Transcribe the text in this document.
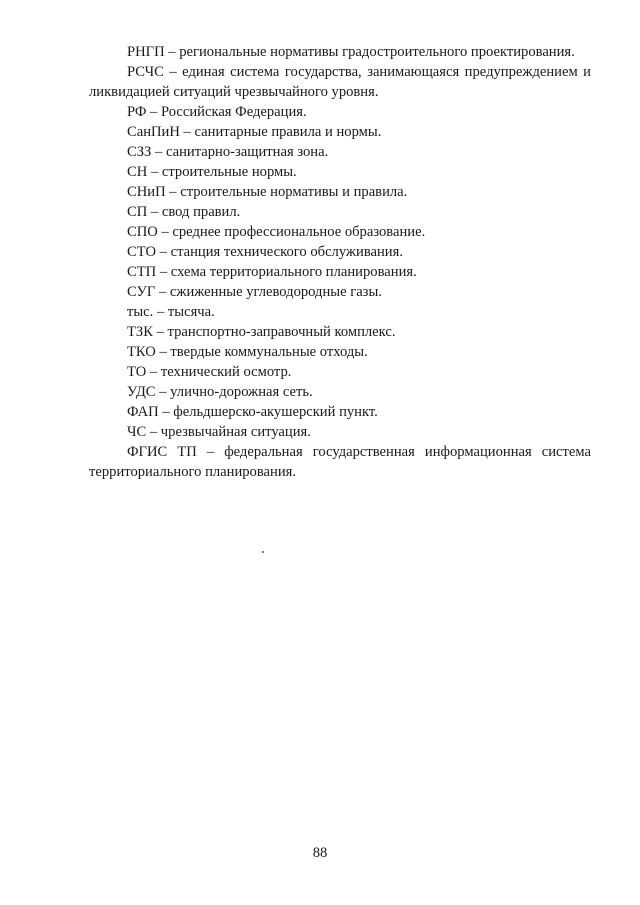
РНГП – региональные нормативы градостроительного проектирования.

РСЧС – единая система государства, занимающаяся предупреждением и ликвидацией ситуаций чрезвычайного уровня.

РФ – Российская Федерация.

СанПиН – санитарные правила и нормы.

СЗЗ – санитарно-защитная зона.

СН – строительные нормы.

СНиП – строительные нормативы и правила.

СП – свод правил.

СПО – среднее профессиональное образование.

СТО – станция технического обслуживания.

СТП – схема территориального планирования.

СУГ – сжиженные углеводородные газы.

тыс. – тысяча.

ТЗК – транспортно-заправочный комплекс.

ТКО – твердые коммунальные отходы.

ТО – технический осмотр.

УДС – улично-дорожная сеть.

ФАП – фельдшерско-акушерский пункт.

ЧС – чрезвычайная ситуация.

ФГИС ТП – федеральная государственная информационная система территориального планирования.

88
